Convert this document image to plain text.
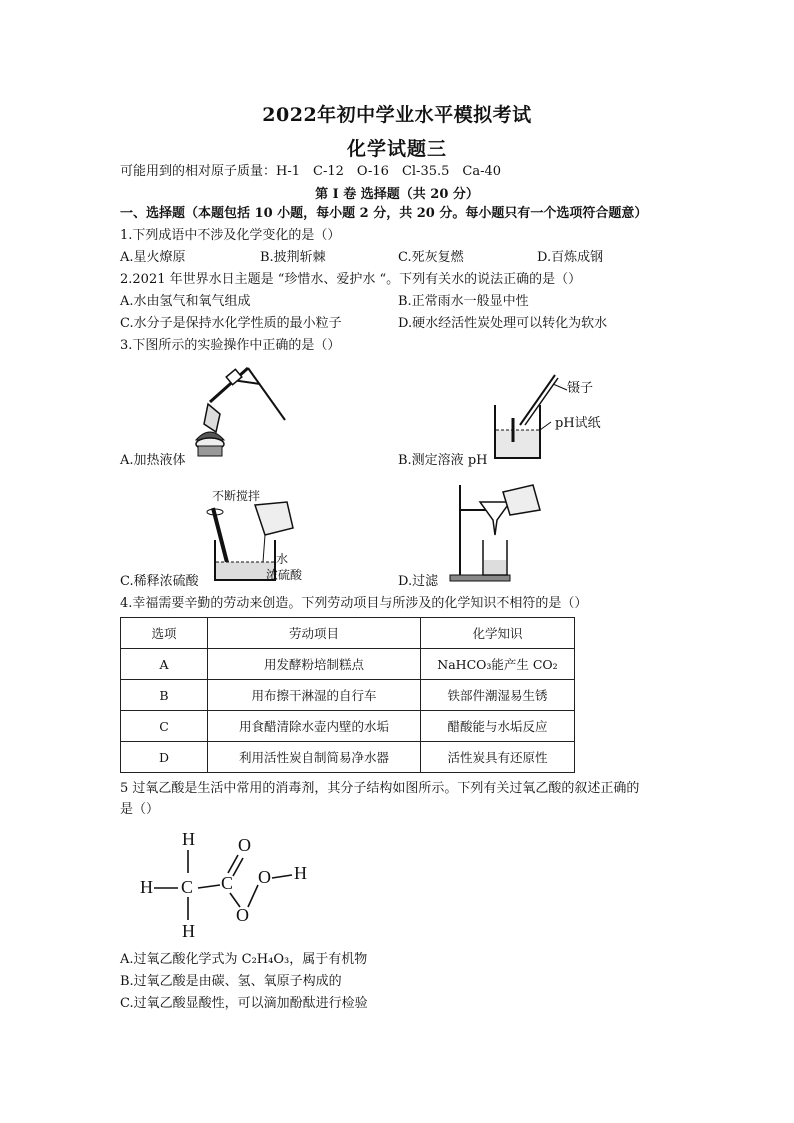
2022年初中学业水平模拟考试
化学试题三
可能用到的相对原子质量：H-1　C-12　O-16　Cl-35.5　Ca-40
第 I 卷 选择题（共 20 分）
一、选择题（本题包括 10 小题，每小题 2 分，共 20 分。每小题只有一个选项符合题意）
1.下列成语中不涉及化学变化的是（）
A.星火燎原	B.披荆斩棘	C.死灰复燃	D.百炼成钢
2.2021 年世界水日主题是 “珍惜水、爱护水 “。下列有关水的说法正确的是（）
A.水由氢气和氧气组成	B.正常雨水一般显中性
C.水分子是保持水化学性质的最小粒子	D.硬水经活性炭处理可以转化为软水
3.下图所示的实验操作中正确的是（）
A.加热液体
镊子
pH试纸
B.测定溶液 pH
不断搅拌
水
浓硫酸
C.稀释浓硫酸	D.过滤
4.幸福需要辛勤的劳动来创造。下列劳动项目与所涉及的化学知识不相符的是（）
选项	劳动项目	化学知识
A	用发酵粉培制糕点	NaHCO₃能产生 CO₂
B	用布擦干淋湿的自行车	铁部件潮湿易生锈
C	用食醋清除水壶内壁的水垢	醋酸能与水垢反应
D	利用活性炭自制简易净水器	活性炭具有还原性
5 过氧乙酸是生活中常用的消毒剂，其分子结构如图所示。下列有关过氧乙酸的叙述正确的
是（）
H
H C
H
C
O
O
O H
A.过氧乙酸化学式为 C₂H₄O₃，属于有机物
B.过氧乙酸是由碳、氢、氧原子构成的
C.过氧乙酸显酸性，可以滴加酚酞进行检验
